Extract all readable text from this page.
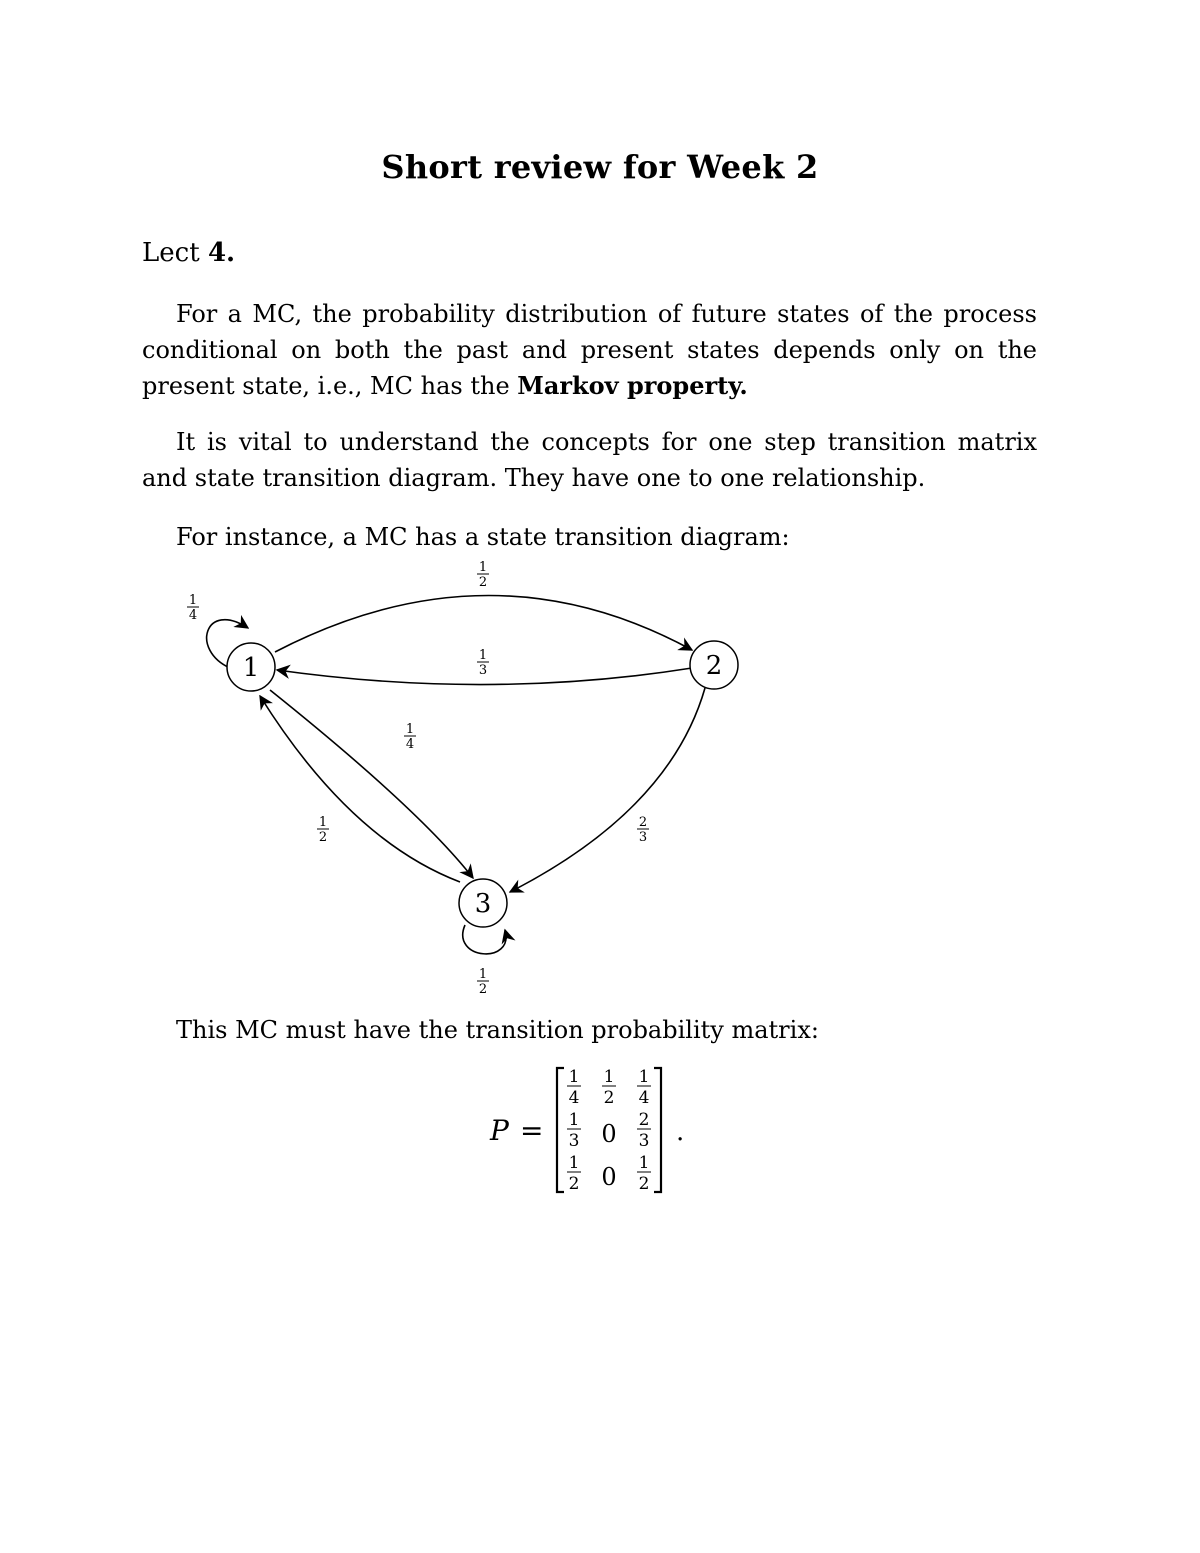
Short review for Week 2
Lect 4.

For a MC, the probability distribution of future states of the process conditional on both the past and present states depends only on the present state, i.e., MC has the Markov property.

It is vital to understand the concepts for one step transition matrix and state transition diagram. They have one to one relationship.

For instance, a MC has a state transition diagram:

1	2
3
1
4
1
2
1
3
1
4
1
2
2
3
1
2

This MC must have the transition probability matrix:

P =
1
4
1
2
1
4
1
3 0 2
3
1
2 0 1
2
.
